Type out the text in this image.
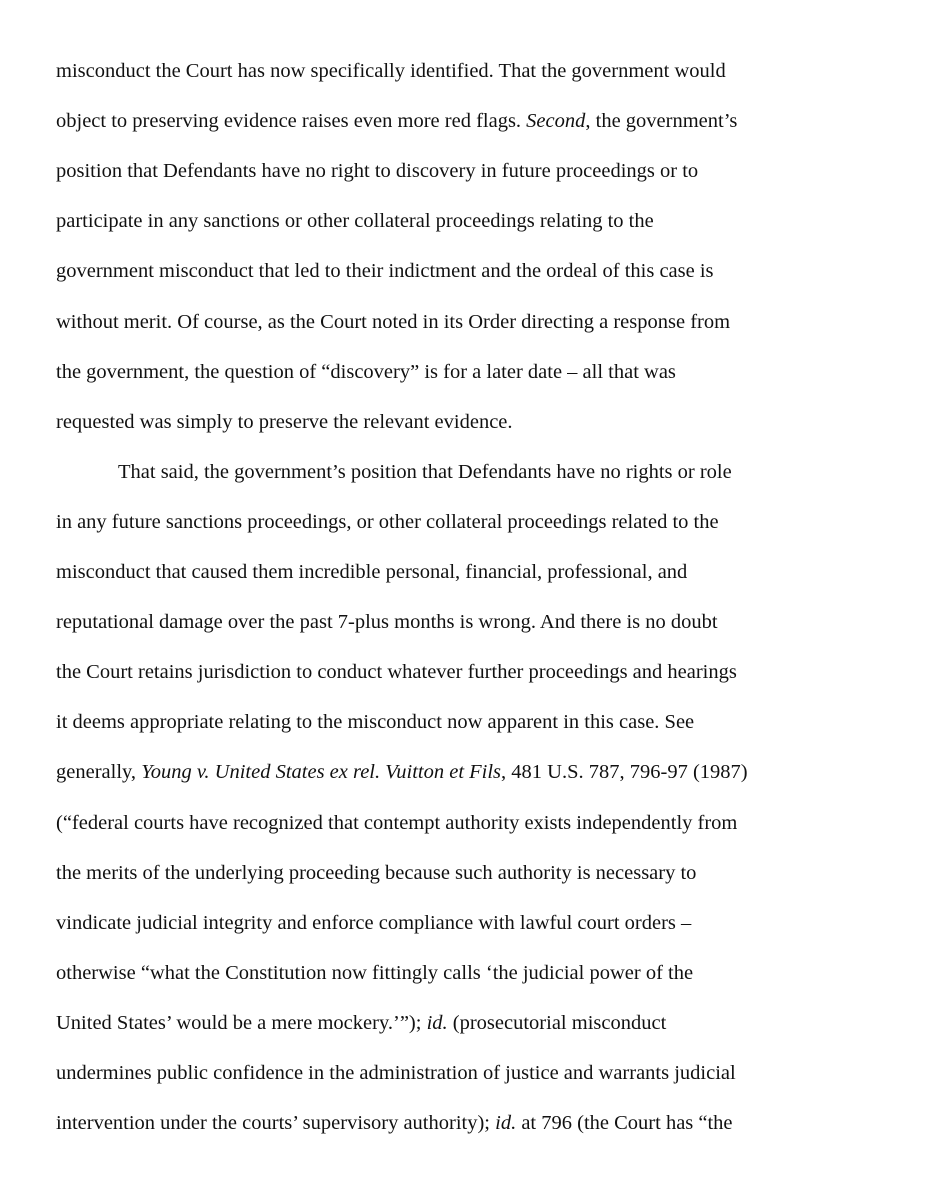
misconduct the Court has now specifically identified. That the government would
object to preserving evidence raises even more red flags. Second, the government’s
position that Defendants have no right to discovery in future proceedings or to
participate in any sanctions or other collateral proceedings relating to the
government misconduct that led to their indictment and the ordeal of this case is
without merit. Of course, as the Court noted in its Order directing a response from
the government, the question of “discovery” is for a later date – all that was
requested was simply to preserve the relevant evidence.
That said, the government’s position that Defendants have no rights or role
in any future sanctions proceedings, or other collateral proceedings related to the
misconduct that caused them incredible personal, financial, professional, and
reputational damage over the past 7-plus months is wrong. And there is no doubt
the Court retains jurisdiction to conduct whatever further proceedings and hearings
it deems appropriate relating to the misconduct now apparent in this case. See
generally, Young v. United States ex rel. Vuitton et Fils, 481 U.S. 787, 796-97 (1987)
(“federal courts have recognized that contempt authority exists independently from
the merits of the underlying proceeding because such authority is necessary to
vindicate judicial integrity and enforce compliance with lawful court orders –
otherwise “what the Constitution now fittingly calls ‘the judicial power of the
United States’ would be a mere mockery.’”); id. (prosecutorial misconduct
undermines public confidence in the administration of justice and warrants judicial
intervention under the courts’ supervisory authority); id. at 796 (the Court has “the
